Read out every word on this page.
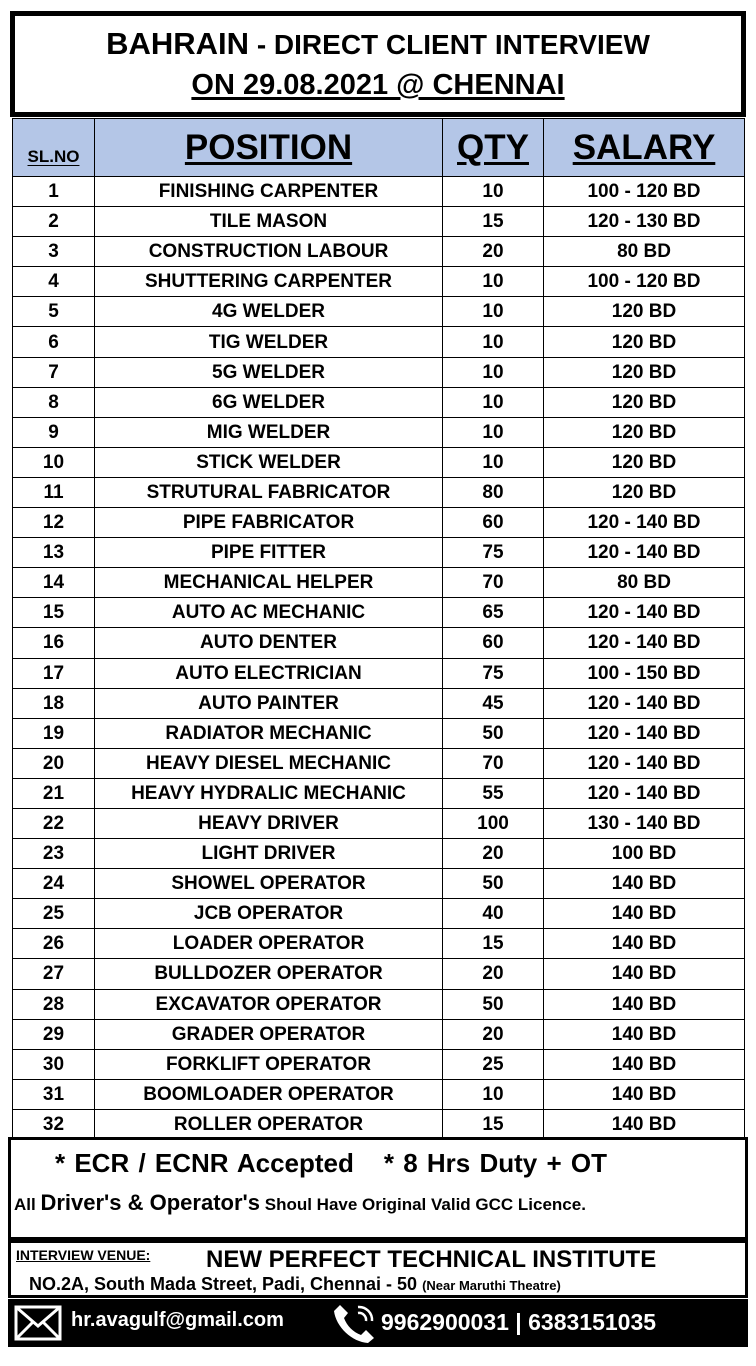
BAHRAIN - DIRECT CLIENT INTERVIEW
ON 29.08.2021 @ CHENNAI
SL.NO	POSITION	QTY	SALARY
1	FINISHING CARPENTER	10	100 - 120 BD
2	TILE MASON	15	120 - 130 BD
3	CONSTRUCTION LABOUR	20	80 BD
4	SHUTTERING CARPENTER	10	100 - 120 BD
5	4G WELDER	10	120 BD
6	TIG WELDER	10	120 BD
7	5G WELDER	10	120 BD
8	6G WELDER	10	120 BD
9	MIG WELDER	10	120 BD
10	STICK WELDER	10	120 BD
11	STRUTURAL FABRICATOR	80	120 BD
12	PIPE FABRICATOR	60	120 - 140 BD
13	PIPE FITTER	75	120 - 140 BD
14	MECHANICAL HELPER	70	80 BD
15	AUTO AC MECHANIC	65	120 - 140 BD
16	AUTO DENTER	60	120 - 140 BD
17	AUTO ELECTRICIAN	75	100 - 150 BD
18	AUTO PAINTER	45	120 - 140 BD
19	RADIATOR MECHANIC	50	120 - 140 BD
20	HEAVY DIESEL MECHANIC	70	120 - 140 BD
21	HEAVY HYDRALIC MECHANIC	55	120 - 140 BD
22	HEAVY DRIVER	100	130 - 140 BD
23	LIGHT DRIVER	20	100 BD
24	SHOWEL OPERATOR	50	140 BD
25	JCB OPERATOR	40	140 BD
26	LOADER OPERATOR	15	140 BD
27	BULLDOZER OPERATOR	20	140 BD
28	EXCAVATOR OPERATOR	50	140 BD
29	GRADER OPERATOR	20	140 BD
30	FORKLIFT OPERATOR	25	140 BD
31	BOOMLOADER OPERATOR	10	140 BD
32	ROLLER OPERATOR	15	140 BD
* ECR / ECNR Accepted * 8 Hrs Duty + OT
All Driver's & Operator's Shoul Have Original Valid GCC Licence.
INTERVIEW VENUE: NEW PERFECT TECHNICAL INSTITUTE
NO.2A, South Mada Street, Padi, Chennai - 50 (Near Maruthi Theatre)
hr.avagulf@gmail.com	9962900031 | 6383151035
